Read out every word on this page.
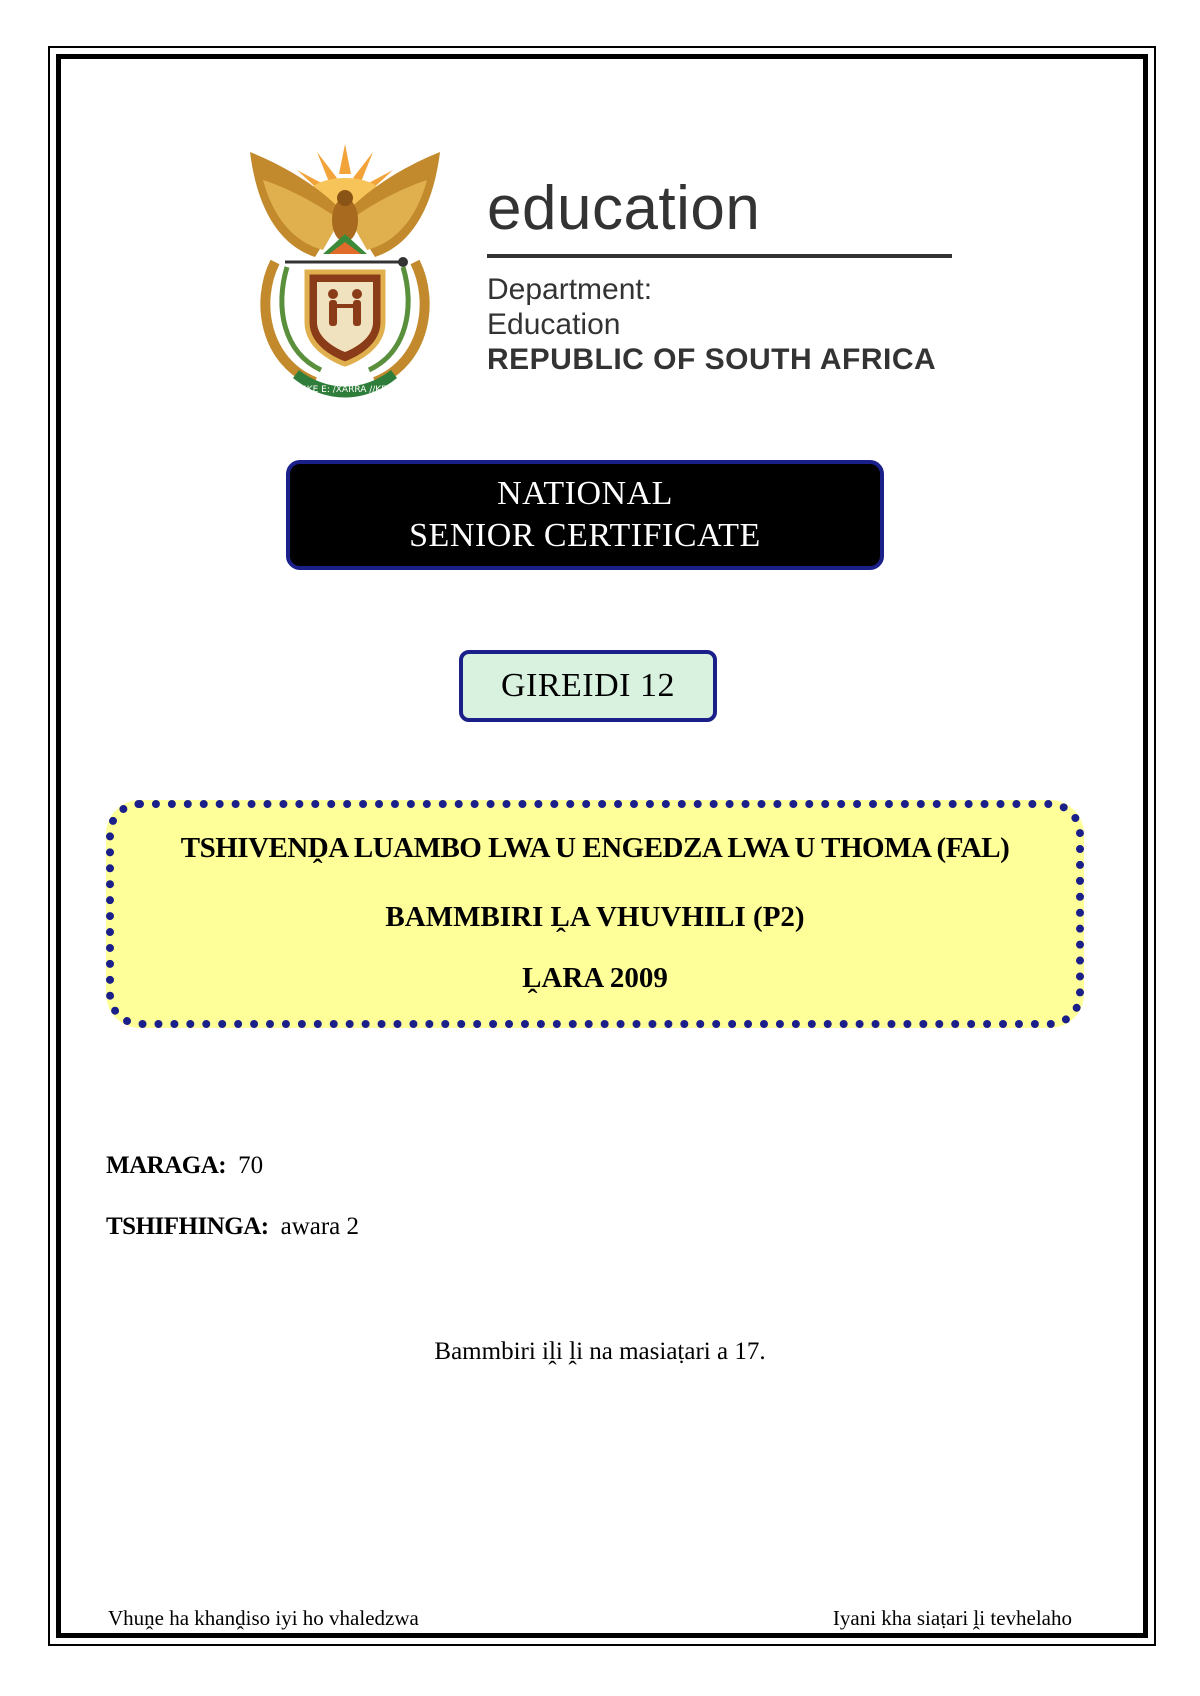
!KE E: /XARRA //KE
education
Department:
Education
REPUBLIC OF SOUTH AFRICA
NATIONAL
SENIOR CERTIFICATE
GIREIDI 12
TSHIVENḒA LUAMBO LWA U ENGEDZA LWA U THOMA (FAL)
BAMMBIRI ḼA VHUVHILI (P2)
ḼARA 2009
MARAGA: 70
TSHIFHINGA: awara 2
Bammbiri iḽi ḽi na masiaṭari a 17.
Vhuṋe ha khanḓiso iyi ho vhaledzwa	Iyani kha siaṭari ḽi tevhelaho
